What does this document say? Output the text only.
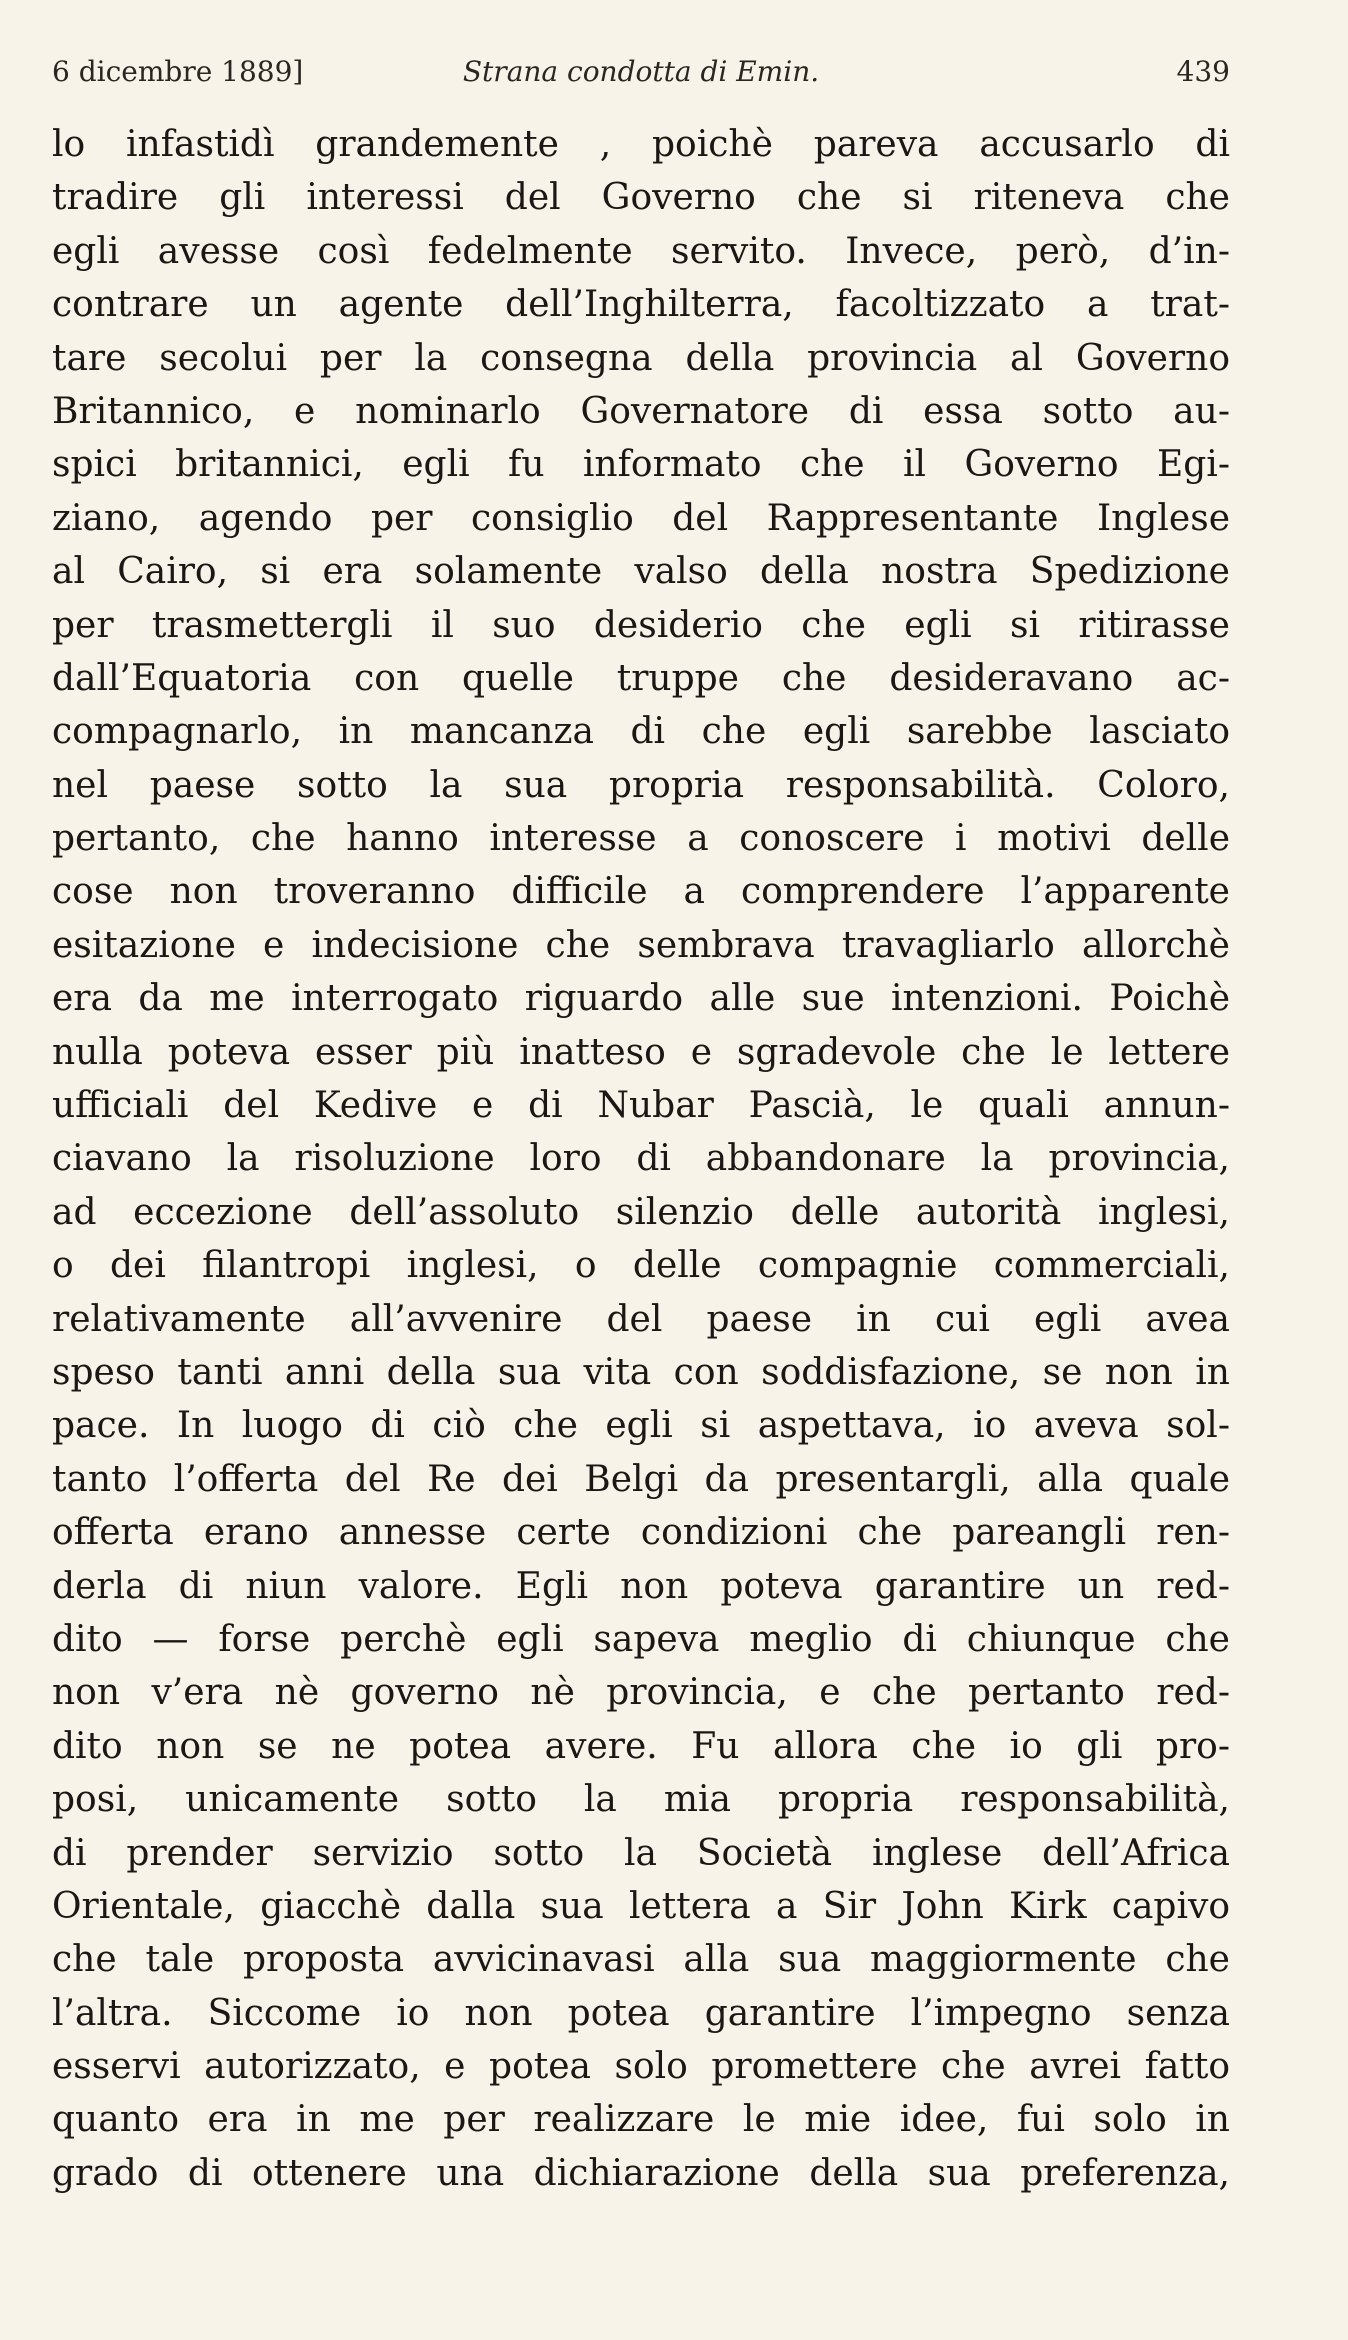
6 dicembre 1889]	Strana condotta di Emin.	439
lo infastidì grandemente , poichè pareva accusarlo di
tradire gli interessi del Governo che si riteneva che
egli avesse così fedelmente servito. Invece, però, d’in-
contrare un agente dell’Inghilterra, facoltizzato a trat-
tare secolui per la consegna della provincia al Governo
Britannico, e nominarlo Governatore di essa sotto au-
spici britannici, egli fu informato che il Governo Egi-
ziano, agendo per consiglio del Rappresentante Inglese
al Cairo, si era solamente valso della nostra Spedizione
per trasmettergli il suo desiderio che egli si ritirasse
dall’Equatoria con quelle truppe che desideravano ac-
compagnarlo, in mancanza di che egli sarebbe lasciato
nel paese sotto la sua propria responsabilità. Coloro,
pertanto, che hanno interesse a conoscere i motivi delle
cose non troveranno difficile a comprendere l’apparente
esitazione e indecisione che sembrava travagliarlo allorchè
era da me interrogato riguardo alle sue intenzioni. Poichè
nulla poteva esser più inatteso e sgradevole che le lettere
ufficiali del Kedive e di Nubar Pascià, le quali annun-
ciavano la risoluzione loro di abbandonare la provincia,
ad eccezione dell’assoluto silenzio delle autorità inglesi,
o dei filantropi inglesi, o delle compagnie commerciali,
relativamente all’avvenire del paese in cui egli avea
speso tanti anni della sua vita con soddisfazione, se non in
pace. In luogo di ciò che egli si aspettava, io aveva sol-
tanto l’offerta del Re dei Belgi da presentargli, alla quale
offerta erano annesse certe condizioni che pareangli ren-
derla di niun valore. Egli non poteva garantire un red-
dito — forse perchè egli sapeva meglio di chiunque che
non v’era nè governo nè provincia, e che pertanto red-
dito non se ne potea avere. Fu allora che io gli pro-
posi, unicamente sotto la mia propria responsabilità,
di prender servizio sotto la Società inglese dell’Africa
Orientale, giacchè dalla sua lettera a Sir John Kirk capivo
che tale proposta avvicinavasi alla sua maggiormente che
l’altra. Siccome io non potea garantire l’impegno senza
esservi autorizzato, e potea solo promettere che avrei fatto
quanto era in me per realizzare le mie idee, fui solo in
grado di ottenere una dichiarazione della sua preferenza,
